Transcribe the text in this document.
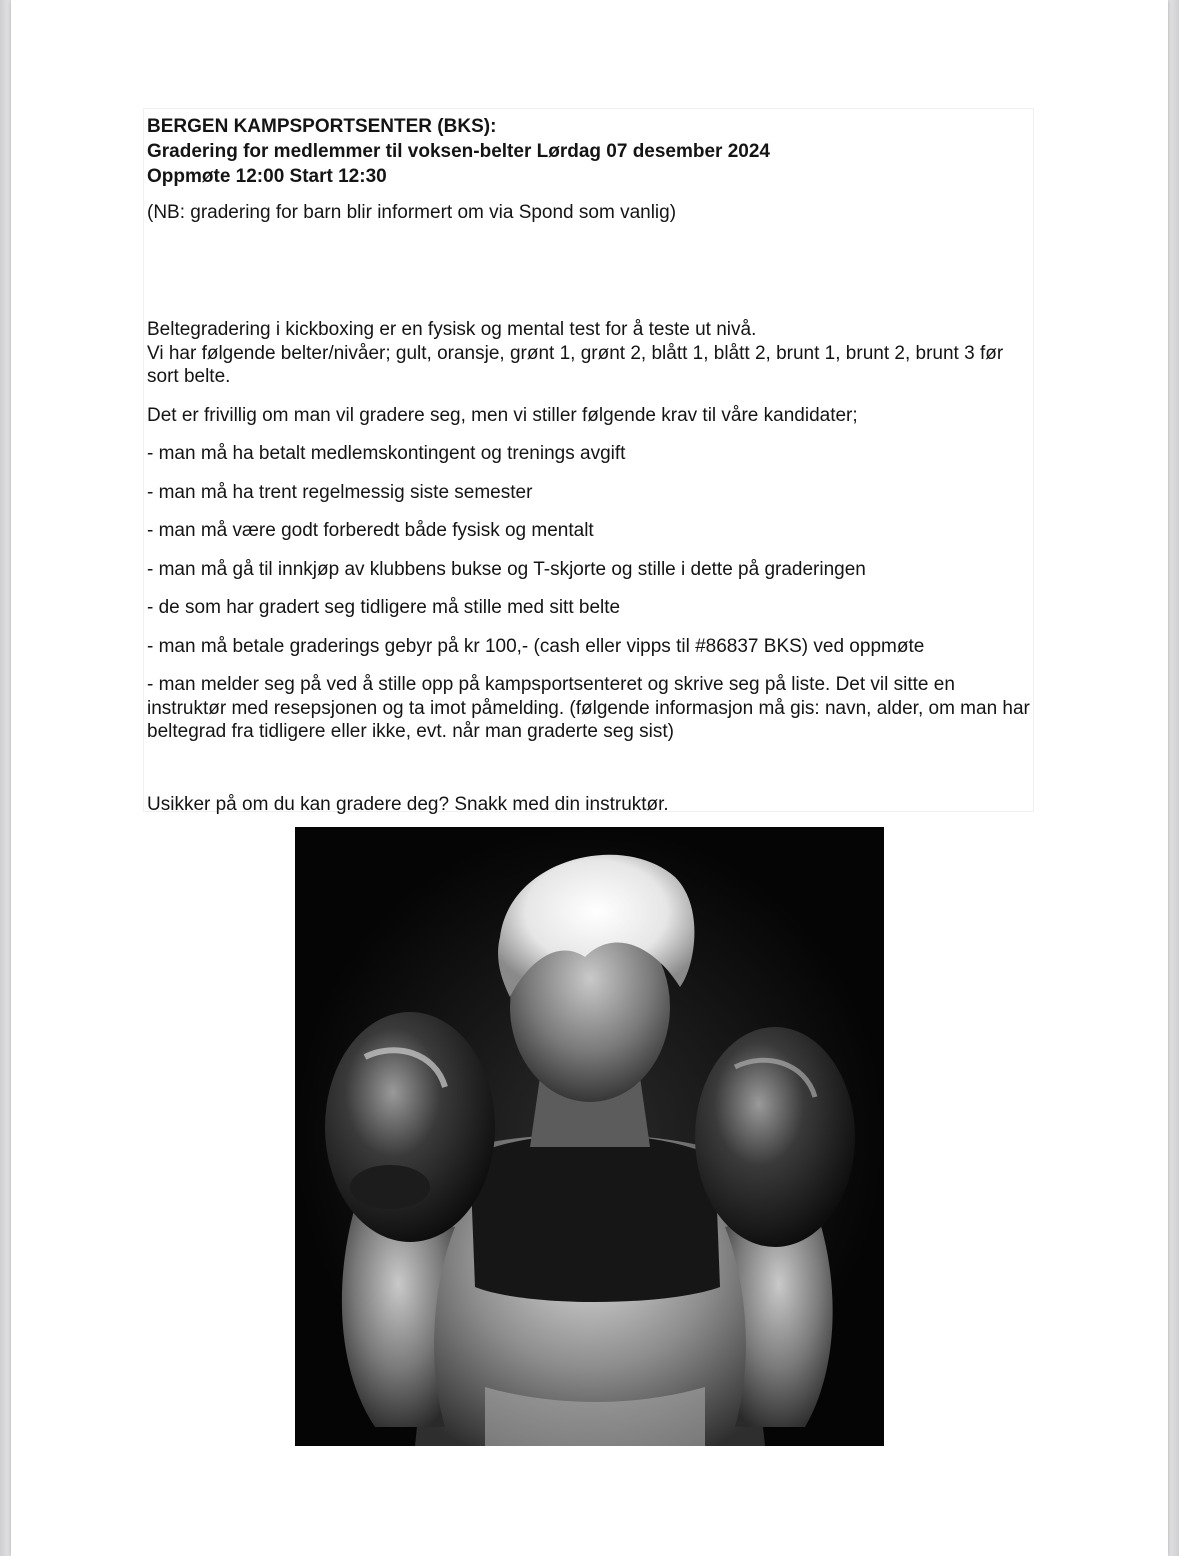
BERGEN KAMPSPORTSENTER (BKS):
Gradering for medlemmer til voksen-belter Lørdag 07 desember 2024
Oppmøte 12:00 Start 12:30
(NB: gradering for barn blir informert om via Spond som vanlig)
Beltegradering i kickboxing er en fysisk og mental test for å teste ut nivå.
Vi har følgende belter/nivåer; gult, oransje, grønt 1, grønt 2, blått 1, blått 2, brunt 1, brunt 2, brunt 3 før sort belte.
Det er frivillig om man vil gradere seg, men vi stiller følgende krav til våre kandidater;
- man må ha betalt medlemskontingent og trenings avgift
- man må ha trent regelmessig siste semester
- man må være godt forberedt både fysisk og mentalt
- man må gå til innkjøp av klubbens bukse og T-skjorte og stille i dette på graderingen
- de som har gradert seg tidligere må stille med sitt belte
- man må betale graderings gebyr på kr 100,- (cash eller vipps til #86837 BKS) ved oppmøte
- man melder seg på ved å stille opp på kampsportsenteret og skrive seg på liste. Det vil sitte en instruktør med resepsjonen og ta imot påmelding. (følgende informasjon må gis: navn, alder, om man har beltegrad fra tidligere eller ikke, evt. når man graderte seg sist)
Usikker på om du kan gradere deg? Snakk med din instruktør.
